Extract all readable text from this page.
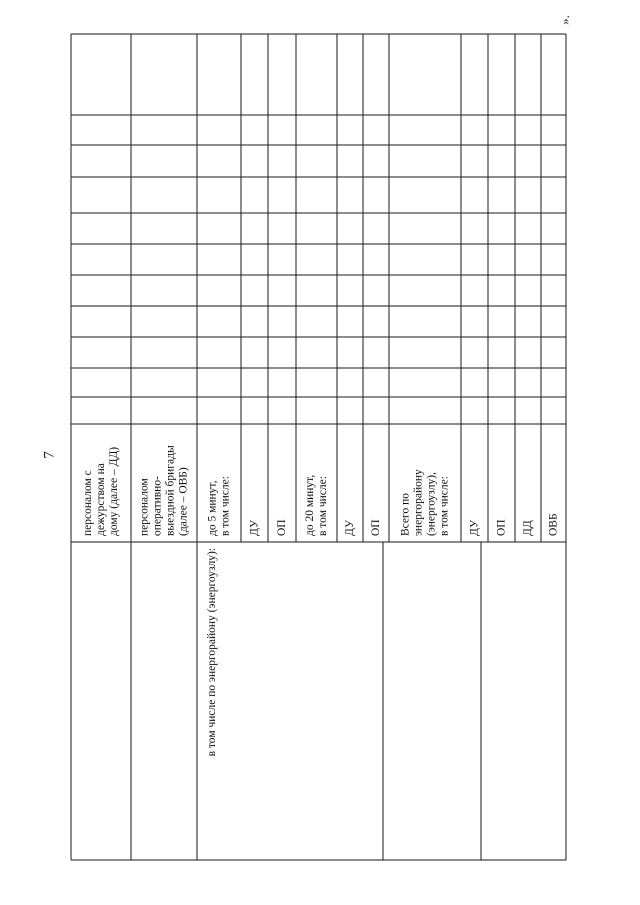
7
».
персоналом сдежурством надому (далее – ДД) персоналомоперативно-выездной бригады(далее – ОВБ) до 5 минут,в том числе: ДУ ОП до 20 минут,в том числе: ДУ ОП Всего поэнергорайону(энергоузлу),в том числе: ДУ ОП ДД ОВБ
в том числе по энергорайону (энергоузлу):
